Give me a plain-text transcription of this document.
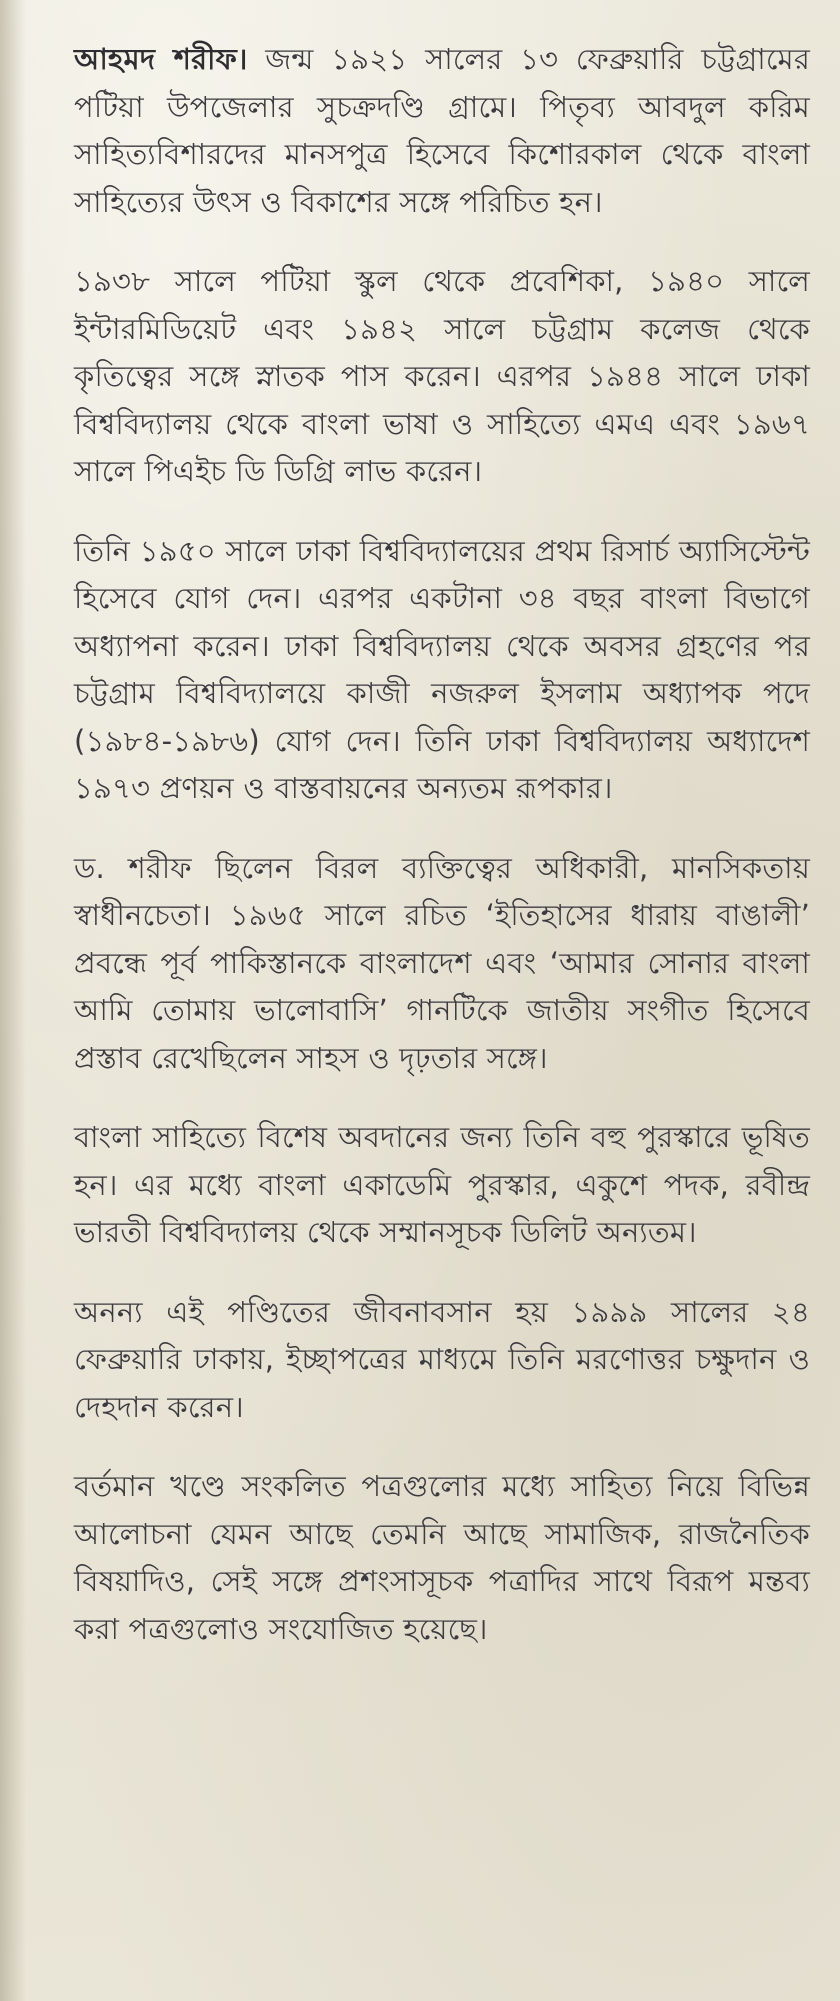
আহমদ শরীফ। জন্ম ১৯২১ সালের ১৩ ফেব্রুয়ারি চট্টগ্রামের পটিয়া উপজেলার সুচক্রদণ্ডি গ্রামে। পিতৃব্য আবদুল করিম সাহিত্যবিশারদের মানসপুত্র হিসেবে কিশোরকাল থেকে বাংলা সাহিত্যের উৎস ও বিকাশের সঙ্গে পরিচিত হন।

১৯৩৮ সালে পটিয়া স্কুল থেকে প্রবেশিকা, ১৯৪০ সালে ইন্টারমিডিয়েট এবং ১৯৪২ সালে চট্টগ্রাম কলেজ থেকে কৃতিত্বের সঙ্গে স্নাতক পাস করেন। এরপর ১৯৪৪ সালে ঢাকা বিশ্ববিদ্যালয় থেকে বাংলা ভাষা ও সাহিত্যে এমএ এবং ১৯৬৭ সালে পিএইচ ডি ডিগ্রি লাভ করেন।

তিনি ১৯৫০ সালে ঢাকা বিশ্ববিদ্যালয়ের প্রথম রিসার্চ অ্যাসিস্টেন্ট হিসেবে যোগ দেন। এরপর একটানা ৩৪ বছর বাংলা বিভাগে অধ্যাপনা করেন। ঢাকা বিশ্ববিদ্যালয় থেকে অবসর গ্রহণের পর চট্টগ্রাম বিশ্ববিদ্যালয়ে কাজী নজরুল ইসলাম অধ্যাপক পদে (১৯৮৪-১৯৮৬) যোগ দেন। তিনি ঢাকা বিশ্ববিদ্যালয় অধ্যাদেশ ১৯৭৩ প্রণয়ন ও বাস্তবায়নের অন্যতম রূপকার।

ড. শরীফ ছিলেন বিরল ব্যক্তিত্বের অধিকারী, মানসিকতায় স্বাধীনচেতা। ১৯৬৫ সালে রচিত ‘ইতিহাসের ধারায় বাঙালী’ প্রবন্ধে পূর্ব পাকিস্তানকে বাংলাদেশ এবং ‘আমার সোনার বাংলা আমি তোমায় ভালোবাসি’ গানটিকে জাতীয় সংগীত হিসেবে প্রস্তাব রেখেছিলেন সাহস ও দৃঢ়তার সঙ্গে।

বাংলা সাহিত্যে বিশেষ অবদানের জন্য তিনি বহু পুরস্কারে ভূষিত হন। এর মধ্যে বাংলা একাডেমি পুরস্কার, একুশে পদক, রবীন্দ্র ভারতী বিশ্ববিদ্যালয় থেকে সম্মানসূচক ডিলিট অন্যতম।

অনন্য এই পণ্ডিতের জীবনাবসান হয় ১৯৯৯ সালের ২৪ ফেব্রুয়ারি ঢাকায়, ইচ্ছাপত্রের মাধ্যমে তিনি মরণোত্তর চক্ষুদান ও দেহদান করেন।

বর্তমান খণ্ডে সংকলিত পত্রগুলোর মধ্যে সাহিত্য নিয়ে বিভিন্ন আলোচনা যেমন আছে তেমনি আছে সামাজিক, রাজনৈতিক বিষয়াদিও, সেই সঙ্গে প্রশংসাসূচক পত্রাদির সাথে বিরূপ মন্তব্য করা পত্রগুলোও সংযোজিত হয়েছে।
